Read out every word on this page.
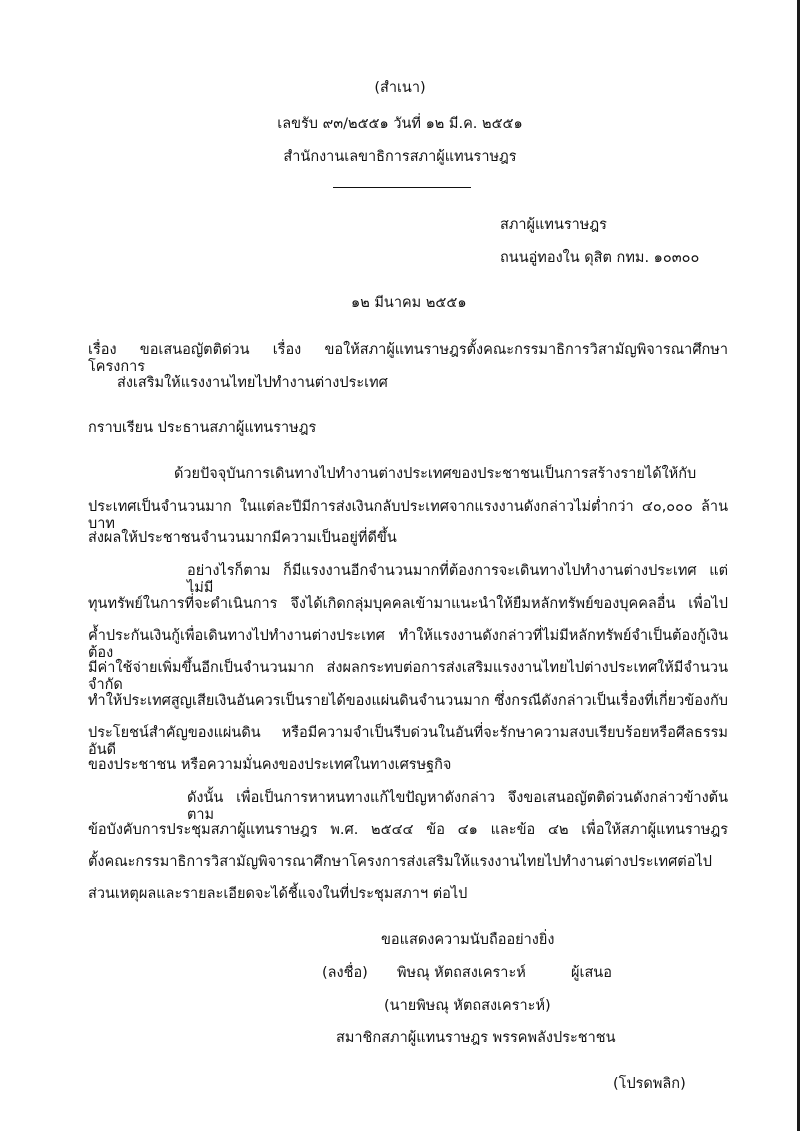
(สำเนา)
เลขรับ ๙๓/๒๕๕๑ วันที่ ๑๒ มี.ค. ๒๕๕๑
สำนักงานเลขาธิการสภาผู้แทนราษฎร
สภาผู้แทนราษฎร
ถนนอู่ทองใน ดุสิต กทม. ๑๐๓๐๐
๑๒ มีนาคม ๒๕๕๑
เรื่อง ขอเสนอญัตติด่วน เรื่อง ขอให้สภาผู้แทนราษฎรตั้งคณะกรรมาธิการวิสามัญพิจารณาศึกษาโครงการ
ส่งเสริมให้แรงงานไทยไปทำงานต่างประเทศ
กราบเรียน ประธานสภาผู้แทนราษฎร
ด้วยปัจจุบันการเดินทางไปทำงานต่างประเทศของประชาชนเป็นการสร้างรายได้ให้กับ
ประเทศเป็นจำนวนมาก ในแต่ละปีมีการส่งเงินกลับประเทศจากแรงงานดังกล่าวไม่ต่ำกว่า ๔๐,๐๐๐ ล้านบาท
ส่งผลให้ประชาชนจำนวนมากมีความเป็นอยู่ที่ดีขึ้น
อย่างไรก็ตาม ก็มีแรงงานอีกจำนวนมากที่ต้องการจะเดินทางไปทำงานต่างประเทศ แต่ไม่มี
ทุนทรัพย์ในการที่จะดำเนินการ จึงได้เกิดกลุ่มบุคคลเข้ามาแนะนำให้ยืมหลักทรัพย์ของบุคคลอื่น เพื่อไป
ค้ำประกันเงินกู้เพื่อเดินทางไปทำงานต่างประเทศ ทำให้แรงงานดังกล่าวที่ไม่มีหลักทรัพย์จำเป็นต้องกู้เงินต้อง
มีค่าใช้จ่ายเพิ่มขึ้นอีกเป็นจำนวนมาก ส่งผลกระทบต่อการส่งเสริมแรงงานไทยไปต่างประเทศให้มีจำนวนจำกัด
ทำให้ประเทศสูญเสียเงินอันควรเป็นรายได้ของแผ่นดินจำนวนมาก ซึ่งกรณีดังกล่าวเป็นเรื่องที่เกี่ยวข้องกับ
ประโยชน์สำคัญของแผ่นดิน หรือมีความจำเป็นรีบด่วนในอันที่จะรักษาความสงบเรียบร้อยหรือศีลธรรมอันดี
ของประชาชน หรือความมั่นคงของประเทศในทางเศรษฐกิจ
ดังนั้น เพื่อเป็นการหาหนทางแก้ไขปัญหาดังกล่าว จึงขอเสนอญัตติด่วนดังกล่าวข้างต้นตาม
ข้อบังคับการประชุมสภาผู้แทนราษฎร พ.ศ. ๒๕๔๔ ข้อ ๔๑ และข้อ ๔๒ เพื่อให้สภาผู้แทนราษฎร
ตั้งคณะกรรมาธิการวิสามัญพิจารณาศึกษาโครงการส่งเสริมให้แรงงานไทยไปทำงานต่างประเทศต่อไป
ส่วนเหตุผลและรายละเอียดจะได้ชี้แจงในที่ประชุมสภาฯ ต่อไป
ขอแสดงความนับถืออย่างยิ่ง
(ลงชื่อ) พิษณุ หัตถสงเคราะห์	ผู้เสนอ
(นายพิษณุ หัตถสงเคราะห์)
สมาชิกสภาผู้แทนราษฎร พรรคพลังประชาชน
(โปรดพลิก)
